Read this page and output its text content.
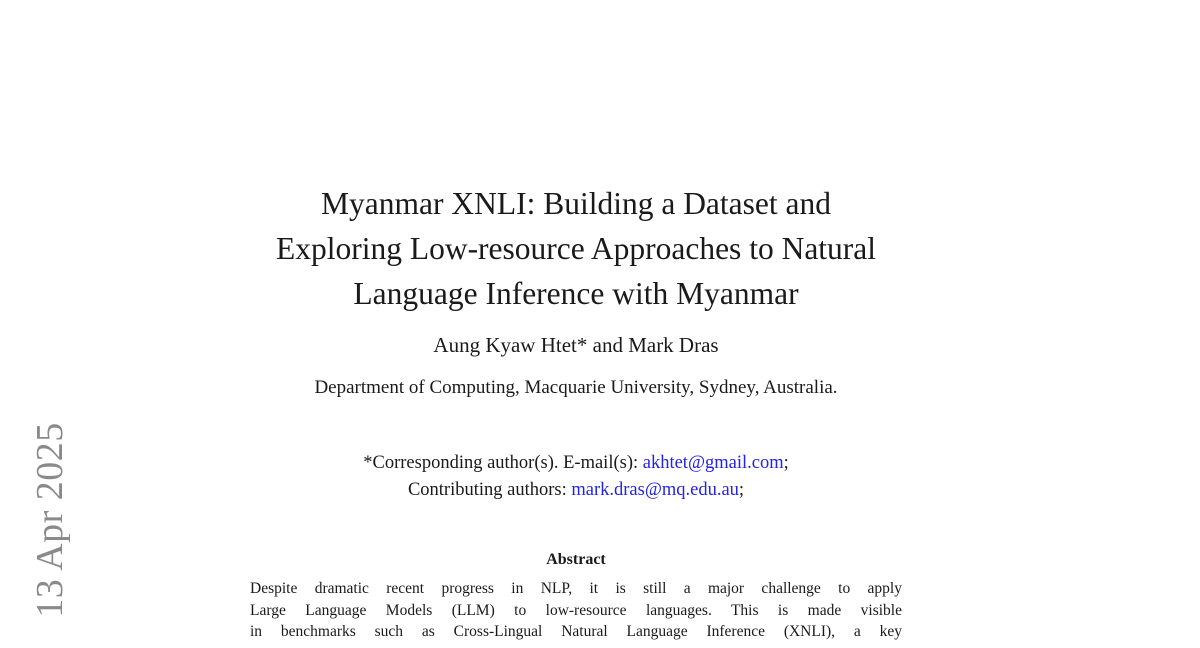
13 Apr 2025
Myanmar XNLI: Building a Dataset and
Exploring Low-resource Approaches to Natural
Language Inference with Myanmar
Aung Kyaw Htet* and Mark Dras
Department of Computing, Macquarie University, Sydney, Australia.
*Corresponding author(s). E-mail(s): akhtet@gmail.com;
Contributing authors: mark.dras@mq.edu.au;
Abstract
Despite dramatic recent progress in NLP, it is still a major challenge to apply
Large Language Models (LLM) to low-resource languages. This is made visible
in benchmarks such as Cross-Lingual Natural Language Inference (XNLI), a key
